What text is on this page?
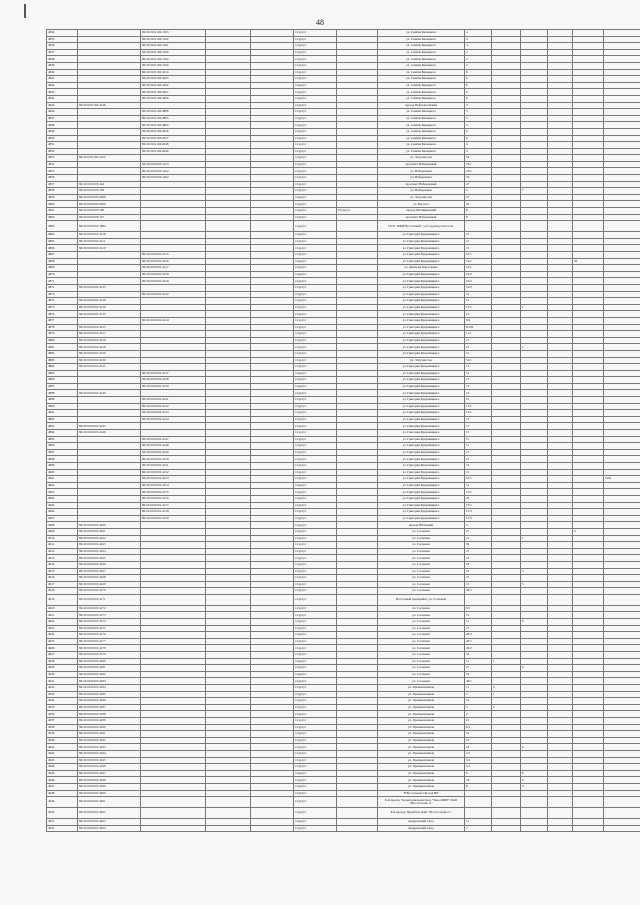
48
4834		86:10:0101192:1363			г.Сургут		ул. Семёна Билецкого	4					
4835		86:10:0101192:1362			г.Сургут		ул. Семёна Билецкого	4					
4836		86:10:0101192:1361			г.Сургут		ул. Семёна Билецкого	4					
4837		86:10:0101192:1360			г.Сургут		ул. Семёна Билецкого	2					
4838		86:10:0101192:1364			г.Сургут		ул. Семёна Билецкого	2					
4839		86:10:0101192:1364			г.Сургут		ул. Семёна Билецкого	2					
4840		86:10:0101192:4214			г.Сургут		ул. Семёна Билецкого	8					
4841		86:10:0101192:4203			г.Сургут		ул. Семёна Билецкого	6					
4842		86:10:0101192:4192			г.Сургут		ул. Семёна Билецкого	8					
4843		86:10:0101192:4407			г.Сургут		ул. Семёна Билецкого	6					
4844		86:10:0101192:4406			г.Сургут		ул. Семёна Билецкого	6					
4845	86:10:0101192:4148				г.Сургут		проезд Нефтеюганский	3					
4846		86:10:0101192:4868			г.Сургут		ул. Семёна Билецкого	5					
4847		86:10:0101192:4865			г.Сургут		ул. Семёна Билецкого	5					
4848		86:10:0101192:4864			г.Сургут		ул. Семёна Билецкого	2					
4849		86:10:0101192:2626			г.Сургут		ул. Семёна Билецкого	6					
4850		86:10:0101192:2627			г.Сургут		ул. Семёна Билецкого	6					
4851		86:10:0101192:2648			г.Сургут		ул. Семёна Билецкого	4					
4852		86:10:0101192:2649			г.Сургут		ул. Семёна Билецкого	4					
4853	86:10:0101192:1222				г.Сургут		ул. Энтузиастов	18					
4854		86:10:0101003:1223			г.Сургут		проспект Набережный	76/1					
4855		86:10:0101003:1222			г.Сургут		ул. Набережная	76/1					
4856		86:10:0101003:1202			г.Сургут		ул. Набережная	76					
4857	86:10:0101003:144				г.Сургут		проспект Набережный	47					
4858	86:10:0101003:138				г.Сургут		ул. Набережная	5		7			
4859	86:10:0101003:2066				г.Сургут		ул. Энтузиастов	27					
4860	86:10:0101003:2020				г.Сургут		ул. Высоты	50					
4861	86:10:0101003:198				г.Сургут	б.Сургут	проезд Мечниковский	8					
4862	86:10:0101003:157				г.Сургут		проспект Набережный	8					
4863	86:10:0101001:1884				г.Сургут		ПСК "ЖБИ"Восточный", ул.Садовая,участок 91						
4864	86:10:0101001:4118				г.Сургут		ул. Григория Кукуевицкого	15					
4865	86:10:0101001:4111				г.Сургут		ул. Григория Кукуевицкого	15					
4866	86:10:0101001:4110				г.Сургут		ул. Григория Кукуевицкого	15					
4867		86:10:0101001:4125			г.Сургут		ул. Григория Кукуевицкого	10/1					
4868		86:10:0101001:4126			г.Сургут		ул. Григория Кукуевицкого	10/1				36	
4869		86:10:0101001:4127			г.Сургут		ул. Дмитрия Коротченко	10/1					
4870		86:10:0101001:4128			г.Сургут		ул. Григория Кукуевицкого	10/2					
4871		86:10:0101001:4129			г.Сургут		ул. Григория Кукуевицкого	10/2					
4872	86:10:0101001:4133				г.Сургут		ул. Григория Кукуевицкого	10/2					
4873		86:10:0101001:4132			г.Сургут		ул. Григория Кукуевицкого	10					
4874	86:10:0101001:4138				г.Сургут		ул. Григория Кукуевицкого	15					
4875	86:10:0101001:4139				г.Сургут		ул. Григория Кукуевицкого	15/1		1			
4876	86:10:0101001:4135				г.Сургут		ул. Григория Кукуевицкого	15					
4877		86:10:0101001:4124			г.Сургут		ул. Григория Кукуевицкого	8/4					
4878	86:10:0101001:4125				г.Сургут		ул. Григория Кукуевицкого	8/129					
4879	86:10:0101001:4127				г.Сургут		ул. Григория Кукуевицкого	11/1					
4880	86:10:0101001:4126				г.Сургут		ул. Григория Кукуевицкого	15					
4881	86:10:0101001:4128				г.Сургут		ул. Григория Кукуевицкого	15		1			
4882	86:10:0101001:4129				г.Сургут		ул. Григория Кукуевицкого	15					
4883	86:10:0101001:4130				г.Сургут		ул. Энтузиастов	52/1					
4884	86:10:0101001:4131				г.Сургут		ул. Григория Кукуевицкого	13					
4885		86:10:0101001:4137			г.Сургут		ул. Григория Кукуевицкого	13					
4886		86:10:0101001:4138			г.Сургут		ул. Григория Кукуевицкого	13					
4887		86:10:0101001:4139			г.Сургут		ул. Григория Кукуевицкого	13					
4888	86:10:0101001:4140				г.Сургут		ул. Григория Кукуевицкого	13					
4889		86:10:0101001:4141			г.Сургут		ул. Григория Кукуевицкого	15					
4890		86:10:0101001:4142			г.Сургут		ул. Григория Кукуевицкого	13/1					
4891		86:10:0101001:4143			г.Сургут		ул. Григория Кукуевицкого	13/1					
4892		86:10:0101001:4144			г.Сургут		ул. Григория Кукуевицкого	13					
4893	86:10:0101001:4145				г.Сургут		ул. Григория Кукуевицкого	15					
4894	86:10:0101001:4146				г.Сургут		ул. Григория Кукуевицкого	15					
4895		86:10:0101001:4147			г.Сургут		ул. Григория Кукуевицкого	15					
4896		86:10:0101001:4148			г.Сургут		ул. Григория Кукуевицкого	15					
4897		86:10:0101001:4149			г.Сургут		ул. Григория Кукуевицкого	15					
4898		86:10:0101001:4150			г.Сургут		ул. Григория Кукуевицкого	15					
4899		86:10:0101001:4151			г.Сургут		ул. Григория Кукуевицкого	13					
4900		86:10:0101001:4152			г.Сургут		ул. Григория Кукуевицкого	15					
4901		86:10:0101001:4153			г.Сургут		ул. Григория Кукуевицкого	10/1					1961
4902		86:10:0101001:4154			г.Сургут		ул. Григория Кукуевицкого	12					
4903		86:10:0101001:4155			г.Сургут		ул. Григория Кукуевицкого	15/1					
4904		86:10:0101001:4156			г.Сургут		ул. Григория Кукуевицкого	20					
4905		86:10:0101001:4157			г.Сургут		ул. Григория Кукуевицкого	15/1					
4906		86:10:0101001:4158			г.Сургут		ул. Григория Кукуевицкого	15/3					
4907		86:10:0101001:4159			г.Сургут		ул. Григория Кукуевицкого	15/3					
4908	86:10:0101001:4160				г.Сургут		проезд Юганский	2					
4909	86:10:0101001:4161				г.Сургут		ул. Сосновая	27				9	
4910	86:10:0101001:4162				г.Сургут		ул. Сосновая	15		1			
4911	86:10:0101001:4163				г.Сургут		ул. Сосновая	56					
4912	86:10:0101001:4164				г.Сургут		ул. Сосновая	27					
4913	86:10:0101001:4165				г.Сургут		ул. Сосновая	15					
4914	86:10:0101001:4166				г.Сургут		ул. Сосновая	18					
4915	86:10:0101001:4167				г.Сургут		ул. Сосновая	16		5			
4916	86:10:0101001:4168				г.Сургут		ул. Сосновая	27					
4917	86:10:0101001:4169				г.Сургут		ул. Сосновая	15		5			
4918	86:10:0101001:4170				г.Сургут		ул. Сосновая	46/1					
4919	86:10:0101001:4171				г.Сургут		Восточный промрайон, ул. Сосновая						
4920	86:10:0101001:4172				г.Сургут		ул. Сосновая	8/1					
4921	86:10:0101001:4173				г.Сургут		ул. Сосновая	72					
4922	86:10:0101001:4174				г.Сургут		ул. Сосновая	11		9			
4923	86:10:0101001:4175				г.Сургут		ул. Сосновая	27					
4924	86:10:0101001:4176				г.Сургут		ул. Сосновая	45/3					
4925	86:10:0101001:4177				г.Сургут		ул. Сосновая	45/1					
4926	86:10:0101001:4178				г.Сургут		ул. Сосновая	45/2					
4927	86:10:0101001:4179				г.Сургут		ул. Сосновая	52					
4928	86:10:0101001:4180				г.Сургут		ул. Сосновая	11	1				
4929	86:10:0101001:4181				г.Сургут		ул. Сосновая	27		6			
4930	86:10:0101001:4182				г.Сургут		ул. Сосновая	19					
4931	86:10:0101001:4183				г.Сургут		ул. Сосновая	46/1					
4932	86:10:0101001:4184				г.Сургут		ул. Промышленная	11	4				
4933	86:10:0101001:4185				г.Сургут		ул. Промышленная	2	1				
4934	86:10:0101001:4186				г.Сургут		ул. Промышленная	51					
4935	86:10:0101001:4187				г.Сургут		ул. Промышленная	5	2				
4936	86:10:0101001:4188				г.Сургут		ул. Промышленная	2					
4937	86:10:0101001:4189				г.Сургут		ул. Промышленная	16					
4938	86:10:0101001:4190				г.Сургут		ул. Промышленная	6/1					
4939	86:10:0101001:4191				г.Сургут		ул. Промышленная	10					
4940	86:10:0101001:4192				г.Сургут		ул. Промышленная	19					
4941	86:10:0101001:4193				г.Сургут		ул. Промышленная	18		6			
4942	86:10:0101001:4194				г.Сургут		ул. Промышленная	2/1					
4943	86:10:0101001:4195				г.Сургут		ул. Промышленная	5/2					
4944	86:10:0101001:4196				г.Сургут		ул. Промышленная	6/1					
4945	86:10:0101001:4197				г.Сургут		ул. Промышленная	6		8			
4946	86:10:0101001:4198				г.Сургут		ул. Промышленная	18		6			
4947	86:10:0101001:4199				г.Сургут		ул. Промышленная	8		5			
4948	86:10:0101001:4200				г.Сургут		В.Восточный, Проезд ВП						
4949	86:10:0101001:4201				г.Сургут		Б-й проезд, Территориальная база "Завод ЖБИ" ОАО "Мостострой-11"						
4950	86:10:0101001:4202				г.Сургут		Б-й проезд, Промбаза ОАО "Мостострой-11"						
4951	86:10:0101001:4203				г.Сургут		Андреевский заезд	11					
4952	86:10:0101001:4204				г.Сургут		Андреевский заезд	7					
